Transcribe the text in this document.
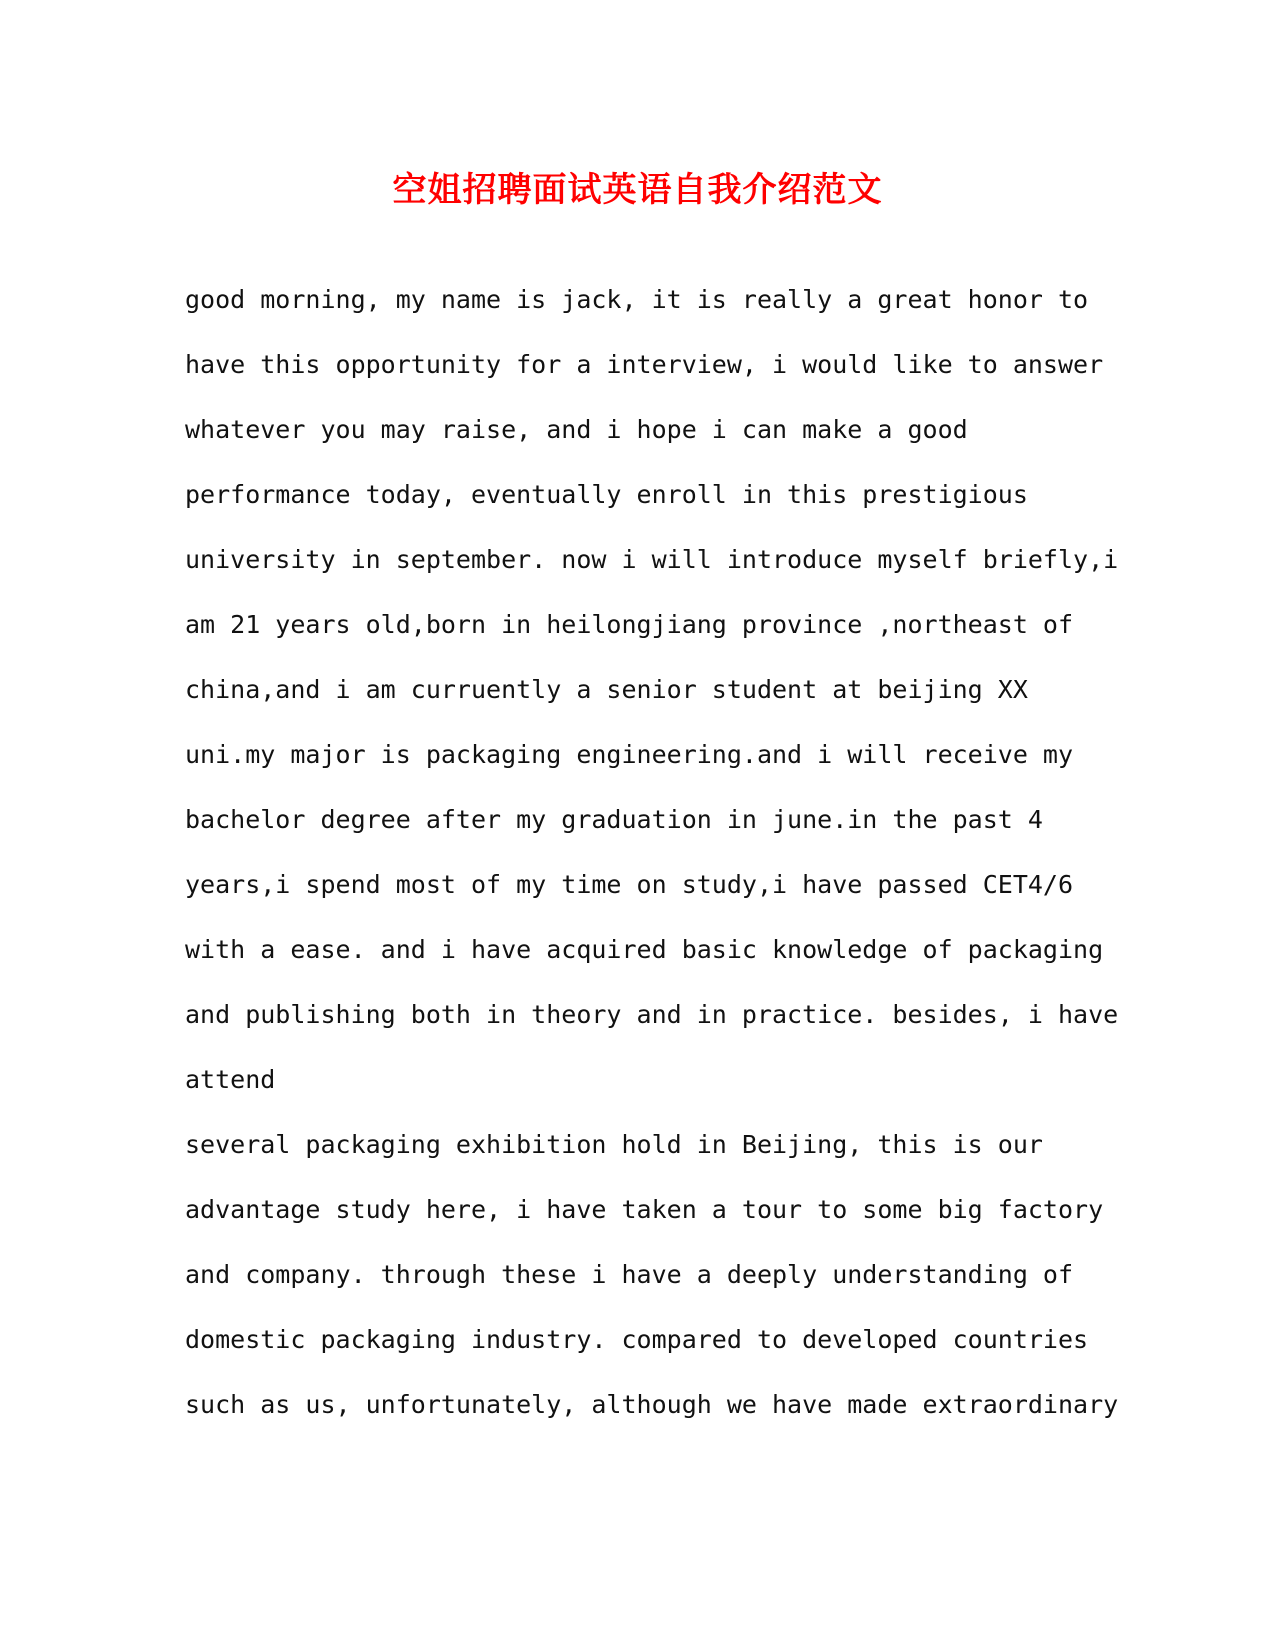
空姐招聘面试英语自我介绍范文
good morning, my name is jack, it is really a great honor to
have this opportunity for a interview, i would like to answer
whatever you may raise, and i hope i can make a good
performance today, eventually enroll in this prestigious
university in september. now i will introduce myself briefly,i
am 21 years old,born in heilongjiang province ,northeast of
china,and i am curruently a senior student at beijing XX
uni.my major is packaging engineering.and i will receive my
bachelor degree after my graduation in june.in the past 4
years,i spend most of my time on study,i have passed CET4/6
with a ease. and i have acquired basic knowledge of packaging
and publishing both in theory and in practice. besides, i have
attend
several packaging exhibition hold in Beijing, this is our
advantage study here, i have taken a tour to some big factory
and company. through these i have a deeply understanding of
domestic packaging industry. compared to developed countries
such as us, unfortunately, although we have made extraordinary
